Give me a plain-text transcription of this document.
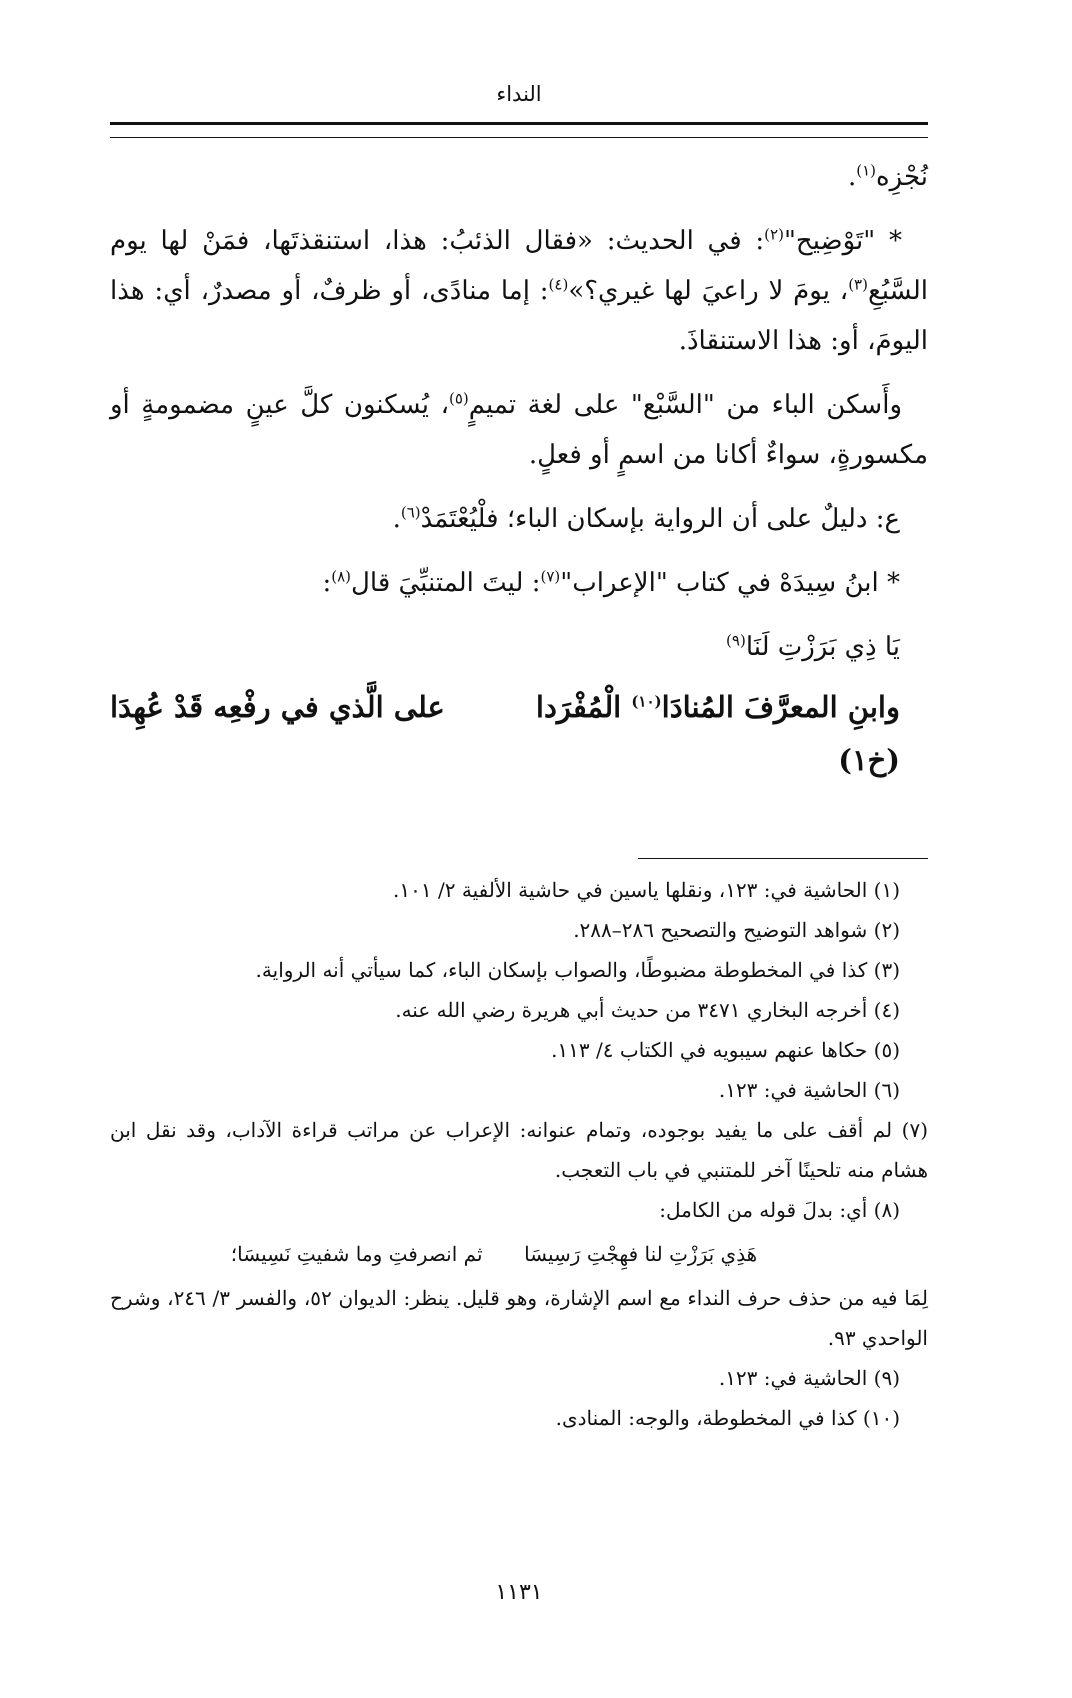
النداء

نُجْزِه$^{(١)}$.

* "تَوْضِيح"$^{(٢)}$: في الحديث: «فقال الذئبُ: هذا، استنقذتَها، فمَنْ لها يوم السَّبُعِ$^{(٣)}$، يومَ لا راعيَ لها غيري؟»$^{(٤)}$: إما منادًى، أو ظرفٌ، أو مصدرٌ، أي: هذا اليومَ، أو: هذا الاستنقاذَ.

وأَسكن الباء من "السَّبْع" على لغة تميمٍ$^{(٥)}$، يُسكنون كلَّ عينٍ مضمومةٍ أو مكسورةٍ، سواءٌ أكانا من اسمٍ أو فعلٍ.

ع: دليلٌ على أن الرواية بإسكان الباء؛ فلْيُعْتَمَدْ$^{(٦)}$.

* ابنُ سِيدَهْ في كتاب "الإعراب"$^{(٧)}$: ليتَ المتنبِّيَ قال$^{(٨)}$:

يَا ذِي بَرَزْتِ لَنَا$^{(٩)}$

وابنِ المعرَّفَ المُنادَا$^{(١٠)}$ الْمُفْرَدا
على الَّذي في رفْعِه قَدْ عُهِدَا
(خ١)

(١) الحاشية في: ١٢٣، ونقلها ياسين في حاشية الألفية ٢/ ١٠١.

(٢) شواهد التوضيح والتصحيح ٢٨٦–٢٨٨.

(٣) كذا في المخطوطة مضبوطًا، والصواب بإسكان الباء، كما سيأتي أنه الرواية.

(٤) أخرجه البخاري ٣٤٧١ من حديث أبي هريرة رضي الله عنه.

(٥) حكاها عنهم سيبويه في الكتاب ٤/ ١١٣.

(٦) الحاشية في: ١٢٣.

(٧) لم أقف على ما يفيد بوجوده، وتمام عنوانه: الإعراب عن مراتب قراءة الآداب، وقد نقل ابن هشام منه تلحينًا آخر للمتنبي في باب التعجب.

(٨) أي: بدلَ قوله من الكامل:

هَذِي بَرَزْتِ لنا فهِجْتِ رَسِيسَا
ثم انصرفتِ وما شفيتِ نَسِيسَا؛

لِمَا فيه من حذف حرف النداء مع اسم الإشارة، وهو قليل. ينظر: الديوان ٥٢، والفسر ٣/ ٢٤٦، وشرح الواحدي ٩٣.

(٩) الحاشية في: ١٢٣.

(١٠) كذا في المخطوطة، والوجه: المنادى.

١١٣١
